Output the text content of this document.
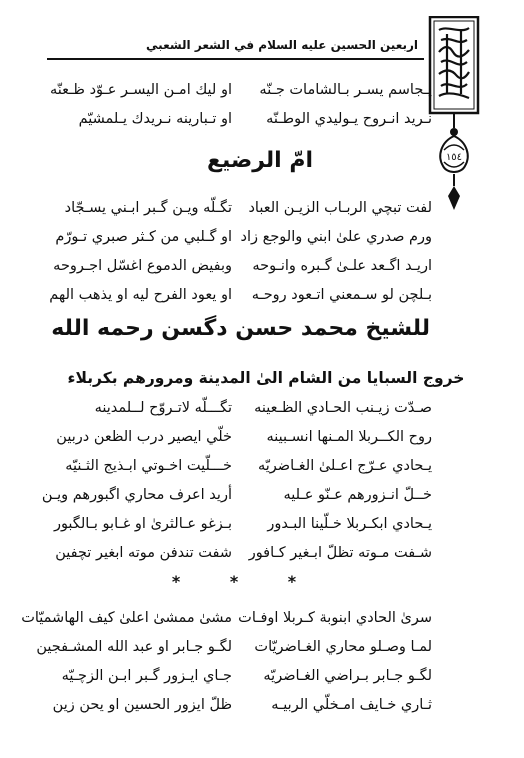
اربعين الحسين عليه السلام في الشعر الشعبي
١٥٤
يـجاسم يسـر بـالشامات جـنّه
او ليك امـن اليسـر عـوّد ظـعنّه
نـريد انـروح يـوليدي الوطـنّه
او تـبارينه نـريدك يـلمشيّم
امّ الرضيع
لفت تبچي الربـاب الزيـن العباد
تگـلّه ويـن گـبر ابـني يسـجّاد
ورم صدري علىٰ ابني والوجع زاد
او گـلبي من كـثر صبري تـورّم
اريـد اگـعد علـىٰ گـبره وانـوحه
وبفيض الدموع اغسّل اجـروحه
بـلچن لو سـمعني اتـعود روحـه
او يعود الفرح ليه او يذهب الهم
للشيخ محمد حسن دگسن رحمه الله
خروج السبايا من الشام الىٰ المدينة ومرورهم بكربلاء
صـدّت زيـنب الحـادي الظـعينه
تگـــلّه لاتـروّح لــلمدينه
روح الكــربلا المـنها انسـبينه
خلّي ايصير درب الظعن دربين
يـحادي عـرّج اعـلىٰ الغـاضريّه
خـــلّيت اخـوتي ابـذيج الثـنيّه
خــلّ انـزورهم عـنّو عـليه
أريد اعرف محاري اگبورهم ويـن
يـحادي ابكـربلا خـلّينا البـدور
بـزغو عـالثرىٰ او غـابو بـالگبور
شـفت مـوته تظلّ ابـغير كـافور
شفت تندفن موته ابغير تچفين
* * *
سرىٰ الحادي ابنوبة كـربلا اوفـات
مشىٰ ممشىٰ اعلىٰ كيف الهاشميّات
لمـا وصـلو محاري الغـاضريّات
لگـو جـابر او عبد الله المشـفجين
لگـو جـابر بـراضي الغـاضريّه
جـاي ايـزور گـبر ابـن الزچـيّه
ثـاري خـايف امـخلّي الربيـه
ظلّ ايزور الحسين او يحن زين
